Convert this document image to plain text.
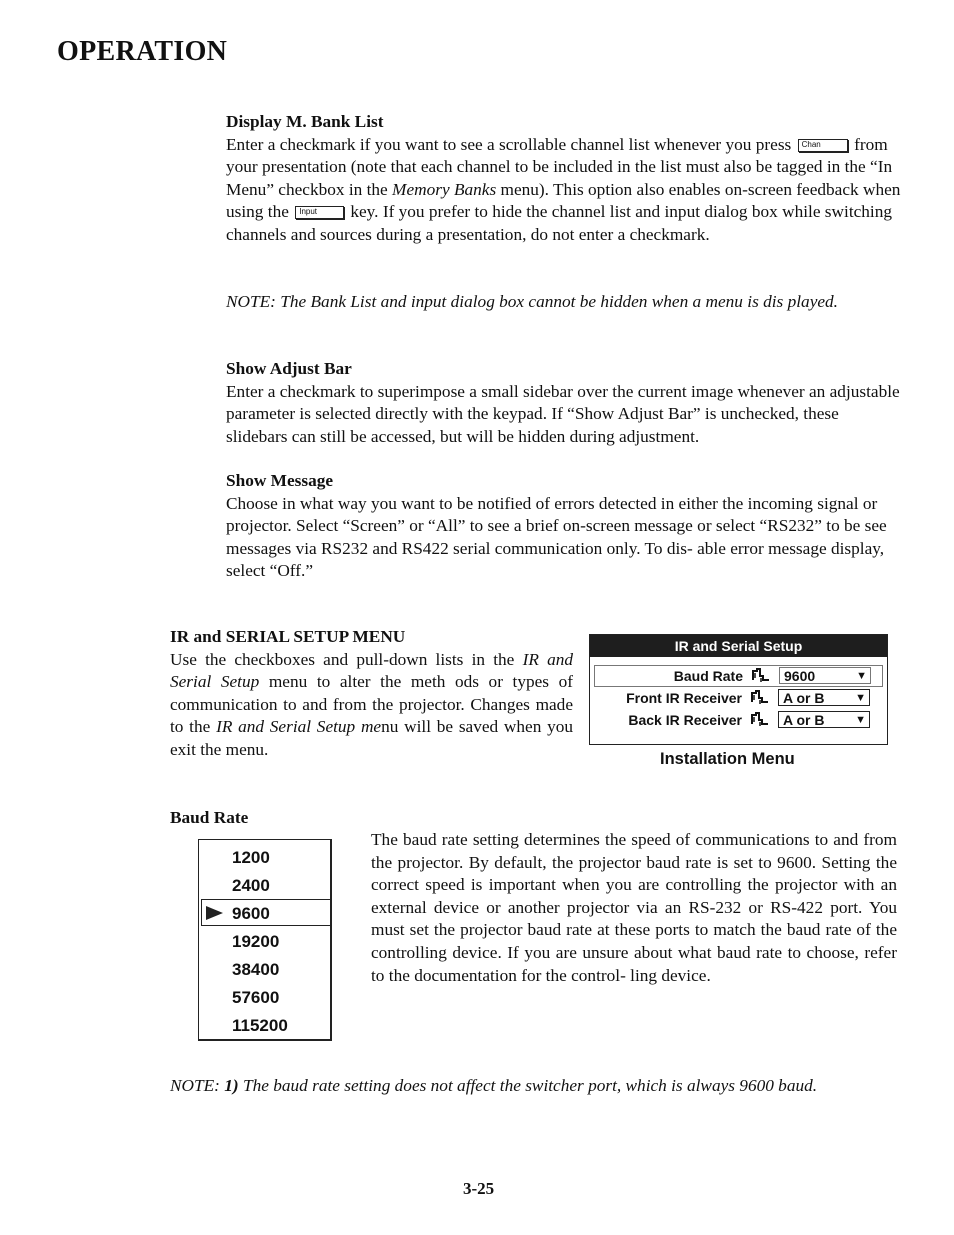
OPERATION

Display M. Bank List

Enter a checkmark if you want to see a scrollable channel list whenever you press Chan from your presentation (note that each channel to be included in the list must also be tagged in the “In Menu” checkbox in the Memory Banks menu). This option also enables on-screen feedback when using the Input key. If you prefer to hide the channel list and input dialog box while switching channels and sources during a presentation, do not enter a checkmark.

NOTE: The Bank List and input dialog box cannot be hidden when a menu is dis played.

Show Adjust Bar

Enter a checkmark to superimpose a small sidebar over the current image whenever an adjustable parameter is selected directly with the keypad. If “Show Adjust Bar” is unchecked, these slidebars can still be accessed, but will be hidden during adjustment.

Show Message

Choose in what way you want to be notified of errors detected in either the incoming signal or projector. Select “Screen” or “All” to see a brief on-screen message or select “RS232” to be see messages via RS232 and RS422 serial communication only. To dis- able error message display, select “Off.”

IR and SERIAL SETUP MENU

Use the checkboxes and pull-down lists in the IR and Serial Setup menu to alter the meth ods or types of communication to and from the projector. Changes made to the IR and Serial Setup menu will be saved when you exit the menu.

IR and Serial Setup
Baud Rate	9600	▼
Front IR Receiver	A or B	▼
Back IR Receiver	A or B	▼
Installation Menu
Baud Rate
1200
2400
9600
19200
38400
57600
115200

The baud rate setting determines the speed of communications to and from the projector. By default, the projector baud rate is set to 9600. Setting the correct speed is important when you are controlling the projector with an external device or another projector via an RS-232 or RS-422 port. You must set the projector baud rate at these ports to match the baud rate of the controlling device. If you are unsure about what baud rate to choose, refer to the documentation for the control- ling device.

NOTE: 1) The baud rate setting does not affect the switcher port, which is always 9600 baud.
3-25
